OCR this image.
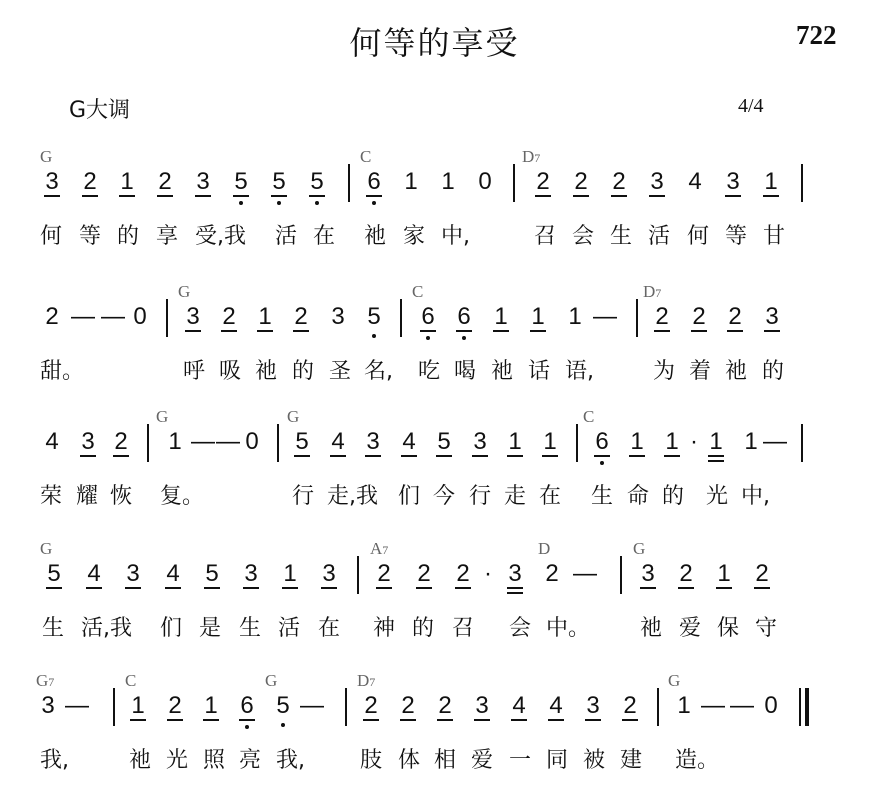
何等的享受	722
G大调	4/4
G	C	D7
3 2 1 2 3 5 5 5 6 1 1 0 2 2 2 3 4 3 1
何 等 的 享 受,我 活 在 祂 家 中,	召 会 生 活 何 等 甘
G	C	D7
2 — — 0 3 2 1 2 3 5 6 6 1 1 1 — 2 2 2 3
甜。	呼 吸 祂 的 圣 名, 吃 喝 祂 话 语,	为 着 祂 的
G	G	C
4 3 2 1 — — 0 5 4 3 4 5 3 1 1 6 1 1 · 1 1 —
荣 耀 恢 复。	行 走,我 们 今 行 走 在 生 命 的 光 中,
G	A7	D	G
5 4 3 4 5 3 1 3 2 2 2 · 3 2 — 3 2 1 2
生 活,我 们 是 生 活 在 神 的 召 会 中。 祂 爱 保 守
G7	C	G	D7	G
3 — 1 2 1 6 5 — 2 2 2 3 4 4 3 2 1 — — 0
我,	祂 光 照 亮 我,	肢 体 相 爱 一 同 被 建 造。
